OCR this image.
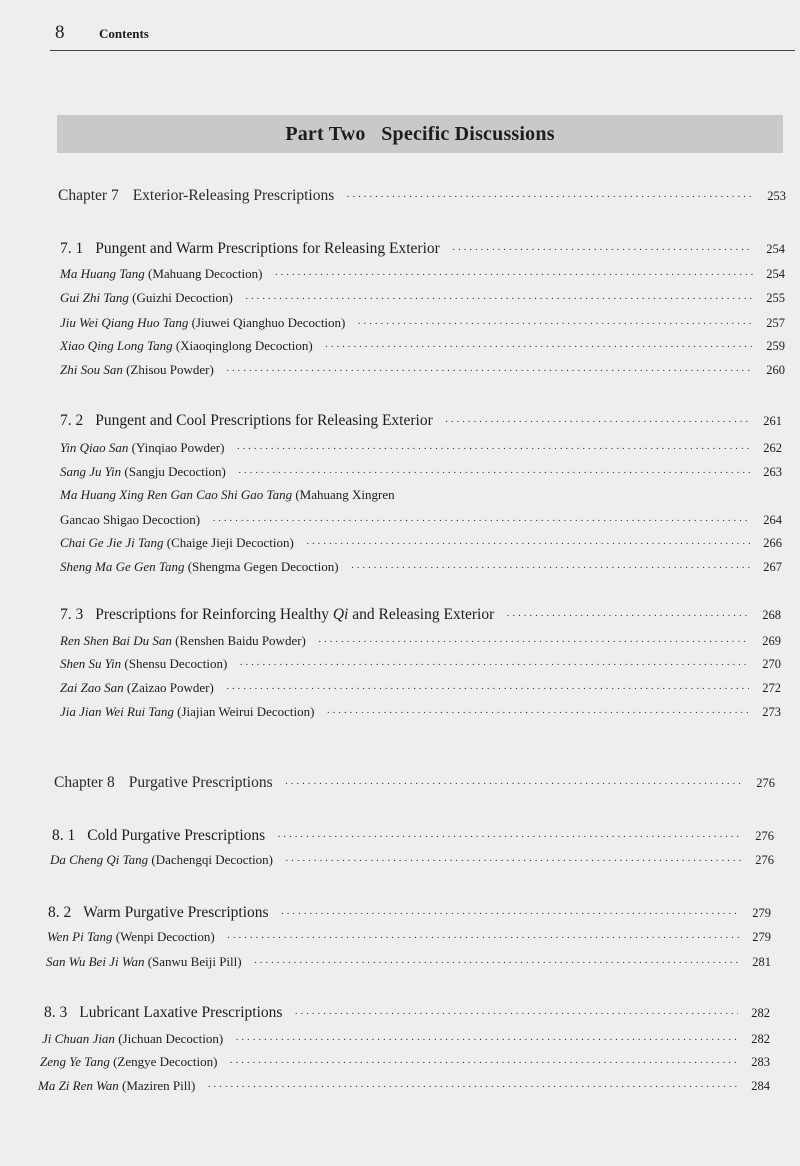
8	Contents
Part Two
Specific Discussions
Chapter 7 Exterior-Releasing Prescriptions ·····	253
7. 1 Pungent and Warm Prescriptions for Releasing Exterior ·····	254
Ma Huang Tang (Mahuang Decoction) ·····	254
Gui Zhi Tang (Guizhi Decoction) ·····	255
Jiu Wei Qiang Huo Tang (Jiuwei Qianghuo Decoction) ·····	257
Xiao Qing Long Tang (Xiaoqinglong Decoction) ·····	259
Zhi Sou San (Zhisou Powder) ·····	260
7. 2 Pungent and Cool Prescriptions for Releasing Exterior ·····	261
Yin Qiao San (Yinqiao Powder) ·····	262
Sang Ju Yin (Sangju Decoction) ·····	263
Ma Huang Xing Ren Gan Cao Shi Gao Tang (Mahuang Xingren
Gancao Shigao Decoction) ·····	264
Chai Ge Jie Ji Tang (Chaige Jieji Decoction) ·····	266
Sheng Ma Ge Gen Tang (Shengma Gegen Decoction) ·····	267
7. 3 Prescriptions for Reinforcing Healthy Qi and Releasing Exterior ·····	268
Ren Shen Bai Du San (Renshen Baidu Powder) ·····	269
Shen Su Yin (Shensu Decoction) ·····	270
Zai Zao San (Zaizao Powder) ·····	272
Jia Jian Wei Rui Tang (Jiajian Weirui Decoction) ·····	273
Chapter 8 Purgative Prescriptions ·····	276
8. 1 Cold Purgative Prescriptions ·····	276
Da Cheng Qi Tang (Dachengqi Decoction) ·····	276
8. 2 Warm Purgative Prescriptions ·····	279
Wen Pi Tang (Wenpi Decoction) ·····	279
San Wu Bei Ji Wan (Sanwu Beiji Pill) ·····	281
8. 3 Lubricant Laxative Prescriptions ·····	282
Ji Chuan Jian (Jichuan Decoction) ·····	282
Zeng Ye Tang (Zengye Decoction) ·····	283
Ma Zi Ren Wan (Maziren Pill) ·····	284
